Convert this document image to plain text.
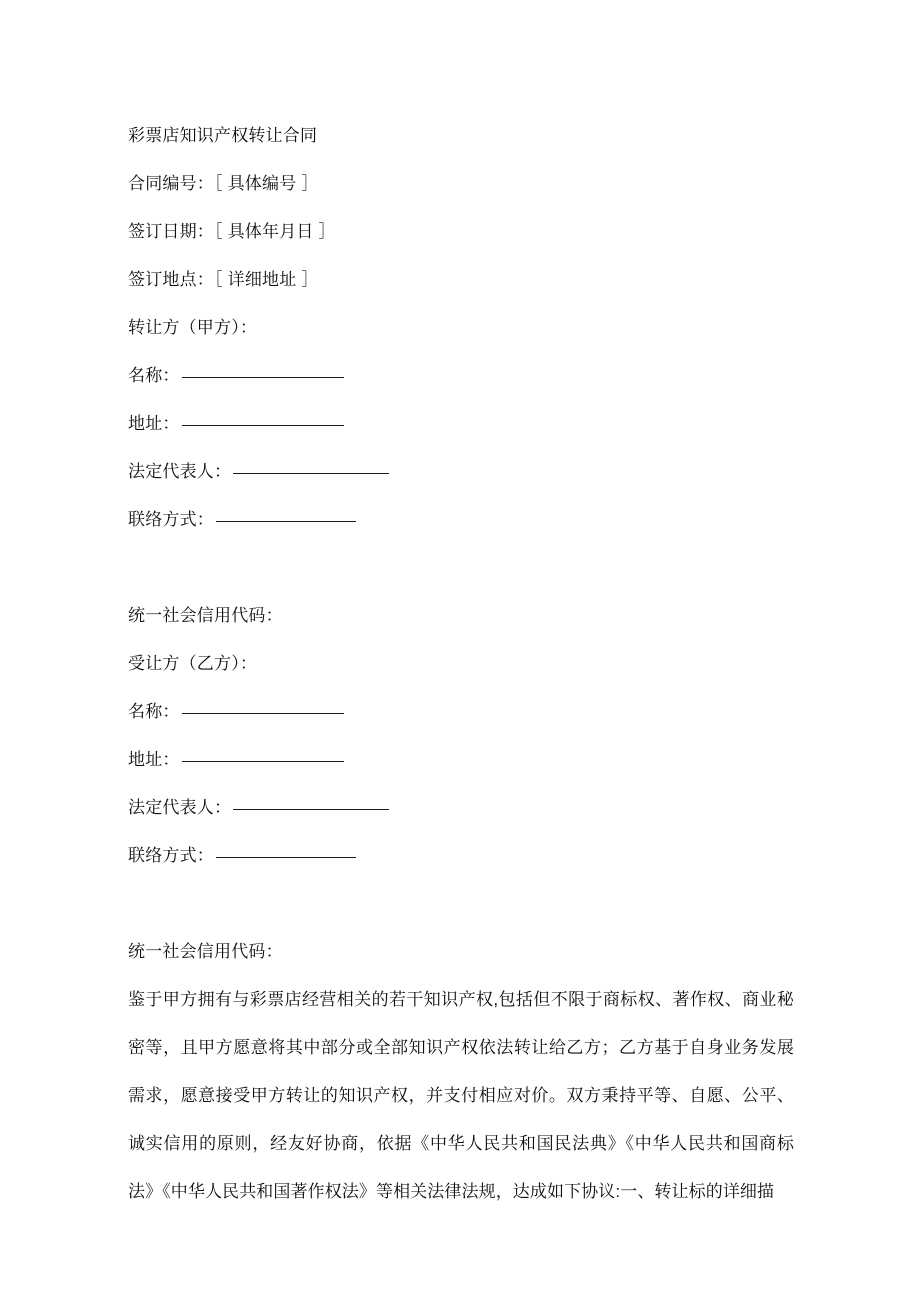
彩票店知识产权转让合同
合同编号：［ 具体编号 ］
签订日期：［ 具体年月日 ］
签订地点：［ 详细地址 ］
转让方（甲方）：
名称：
地址：
法定代表人：
联络方式：
统一社会信用代码：
受让方（乙方）：
名称：
地址：
法定代表人：
联络方式：
统一社会信用代码：

鉴于甲方拥有与彩票店经营相关的若干知识产权,包括但不限于商标权、著作权、商业秘密等，且甲方愿意将其中部分或全部知识产权依法转让给乙方；乙方基于自身业务发展需求，愿意接受甲方转让的知识产权，并支付相应对价。双方秉持平等、自愿、公平、诚实信用的原则，经友好协商，依据《中华人民共和国民法典》《中华人民共和国商标法》《中华人民共和国著作权法》等相关法律法规，达成如下协议:一、转让标的详细描
